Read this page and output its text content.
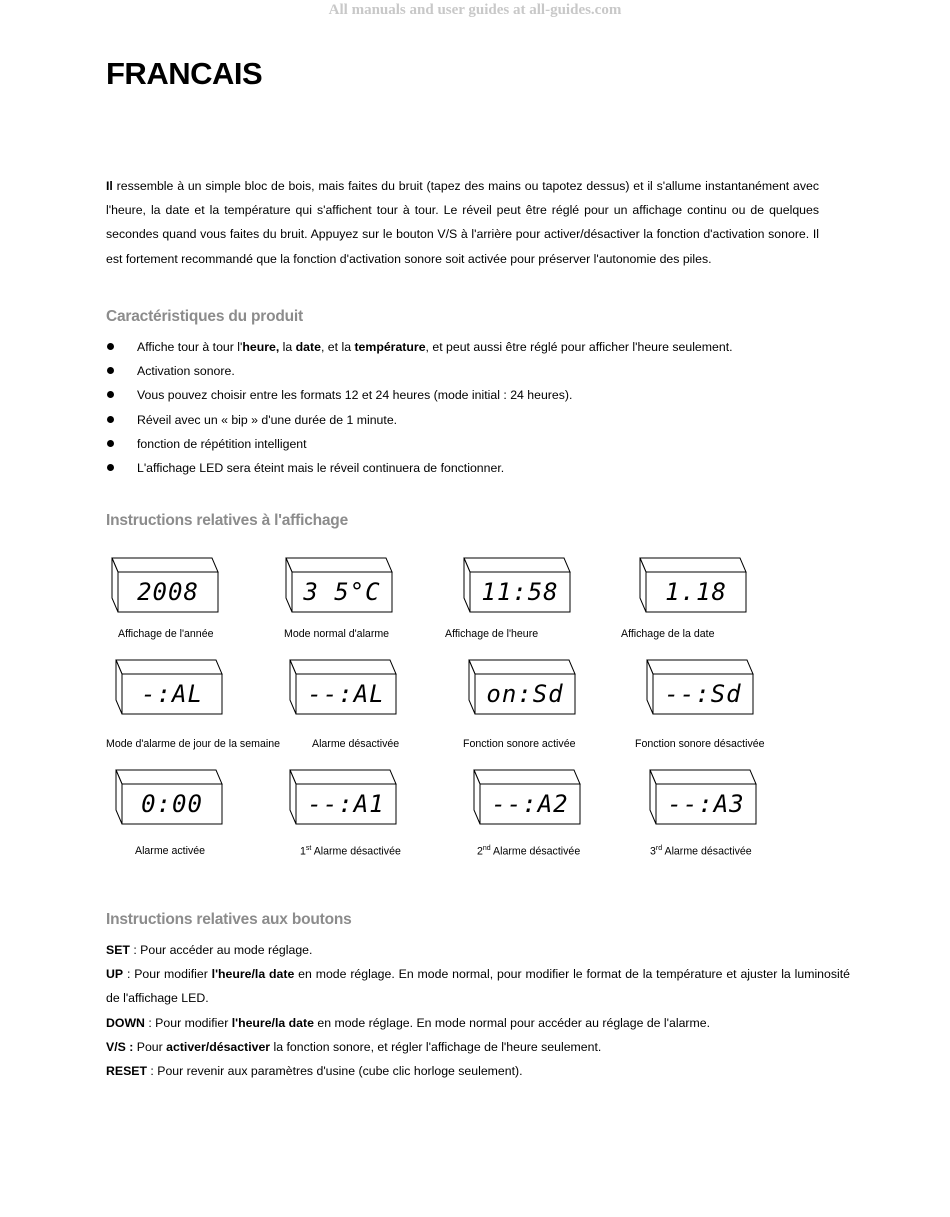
All manuals and user guides at all-guides.com
FRANCAIS

Il ressemble à un simple bloc de bois, mais faites du bruit (tapez des mains ou tapotez dessus) et il s'allume instantanément avec l'heure, la date et la température qui s'affichent tour à tour. Le réveil peut être réglé pour un affichage continu ou de quelques secondes quand vous faites du bruit. Appuyez sur le bouton V/S à l'arrière pour activer/désactiver la fonction d'activation sonore. Il est fortement recommandé que la fonction d'activation sonore soit activée pour préserver l'autonomie des piles.

Caractéristiques du produit
Affiche tour à tour l'heure, la date, et la température, et peut aussi être réglé pour afficher l'heure seulement.
Activation sonore.
Vous pouvez choisir entre les formats 12 et 24 heures (mode initial : 24 heures).
Réveil avec un « bip » d'une durée de 1 minute.
fonction de répétition intelligent
L'affichage LED sera éteint mais le réveil continuera de fonctionner.
Instructions relatives à l'affichage
2008	3 5°C	11:58	1.18
Affichage de l'année	Mode normal d'alarme	Affichage de l'heure	Affichage de la date
-:AL	--:AL	on:Sd	--:Sd
Mode d'alarme de jour de la semaine	Alarme désactivée	Fonction sonore activée	Fonction sonore désactivée
0:00	--:A1	--:A2	--:A3
Alarme activée	1st Alarme désactivée	2nd Alarme désactivée	3rd Alarme désactivée
Instructions relatives aux boutons

SET : Pour accéder au mode réglage.

UP : Pour modifier l'heure/la date en mode réglage. En mode normal, pour modifier le format de la température et ajuster la luminosité de l'affichage LED.

DOWN : Pour modifier l'heure/la date en mode réglage. En mode normal pour accéder au réglage de l'alarme.

V/S : Pour activer/désactiver la fonction sonore, et régler l'affichage de l'heure seulement.

RESET : Pour revenir aux paramètres d'usine (cube clic horloge seulement).
